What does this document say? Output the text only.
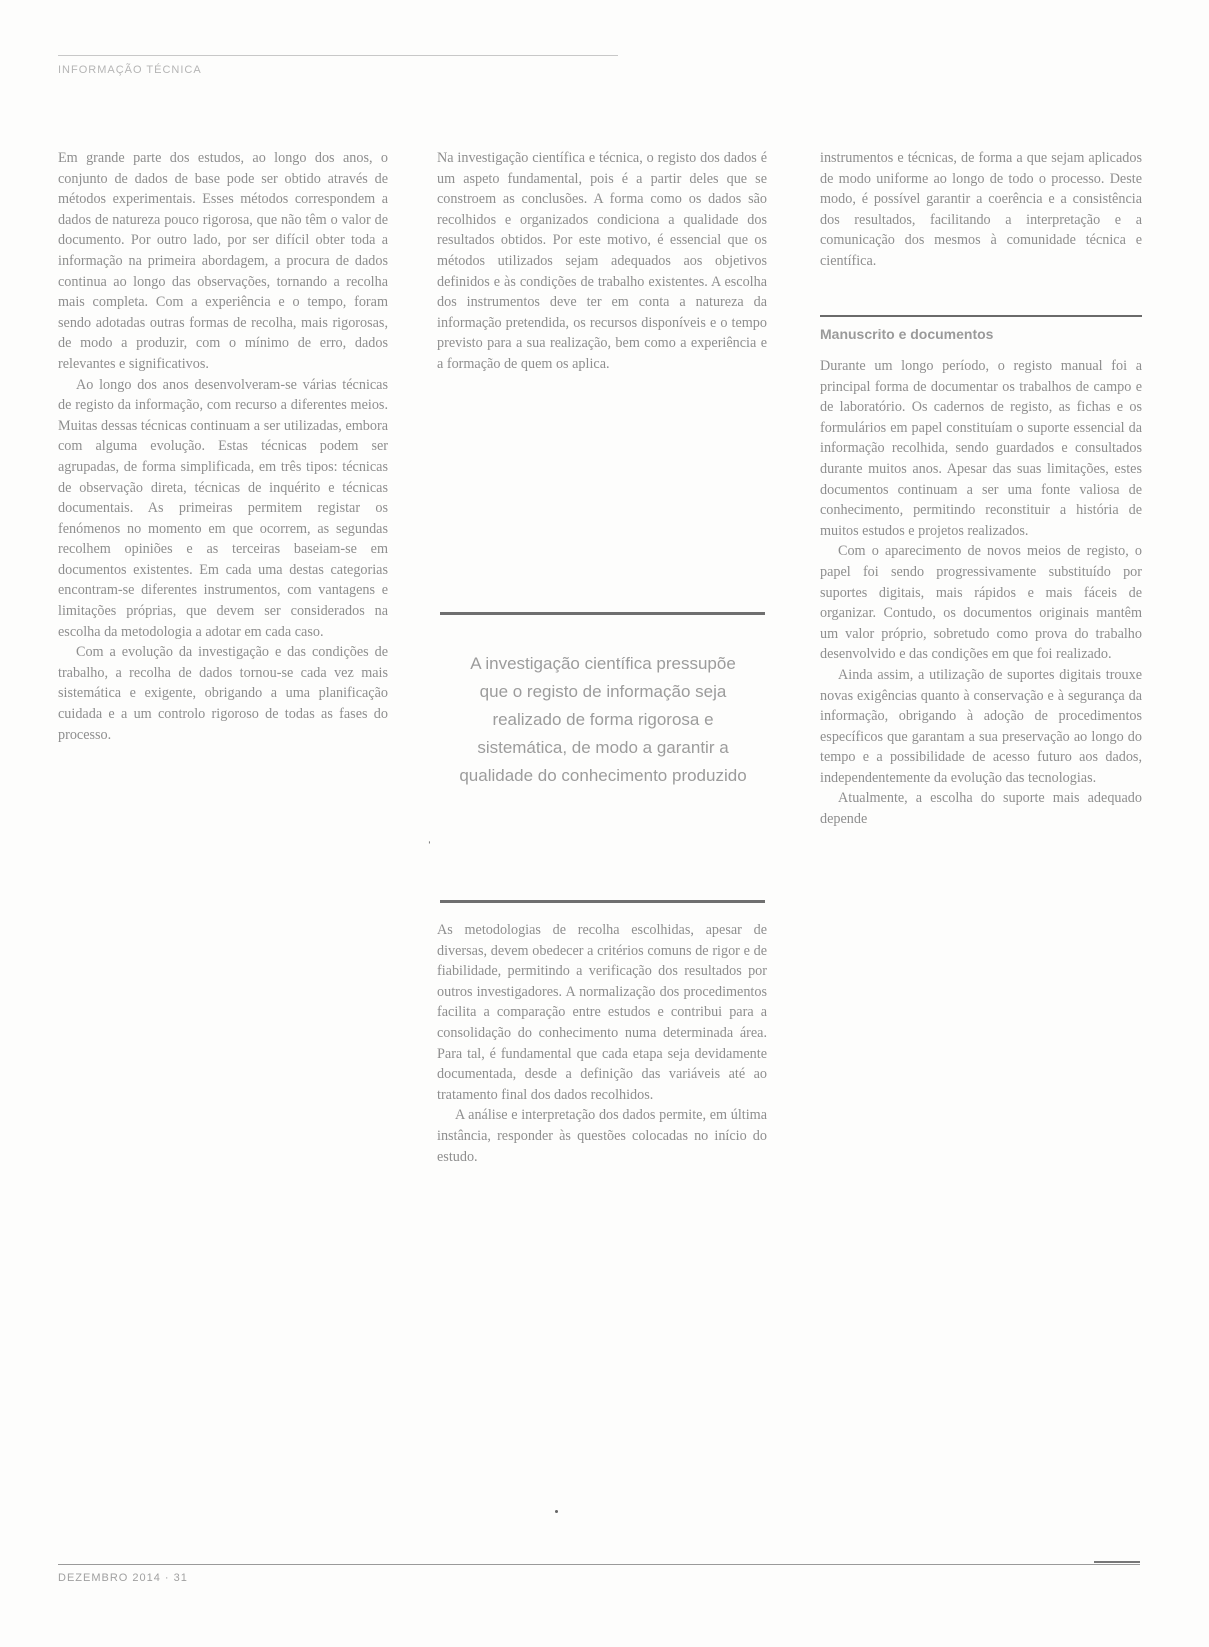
INFORMAÇÃO TÉCNICA

Em grande parte dos estudos, ao longo dos anos, o conjunto de dados de base pode ser obtido através de métodos experimentais. Esses métodos correspondem a dados de natureza pouco rigorosa, que não têm o valor de documento. Por outro lado, por ser difícil obter toda a informação na primeira abordagem, a procura de dados continua ao longo das observações, tornando a recolha mais completa. Com a experiência e o tempo, foram sendo adotadas outras formas de recolha, mais rigorosas, de modo a produzir, com o mínimo de erro, dados relevantes e significativos.

Ao longo dos anos desenvolveram-se várias técnicas de registo da informação, com recurso a diferentes meios. Muitas dessas técnicas continuam a ser utilizadas, embora com alguma evolução. Estas técnicas podem ser agrupadas, de forma simplificada, em três tipos: técnicas de observação direta, técnicas de inquérito e técnicas documentais. As primeiras permitem registar os fenómenos no momento em que ocorrem, as segundas recolhem opiniões e as terceiras baseiam-se em documentos existentes. Em cada uma destas categorias encontram-se diferentes instrumentos, com vantagens e limitações próprias, que devem ser considerados na escolha da metodologia a adotar em cada caso.

Com a evolução da investigação e das condições de trabalho, a recolha de dados tornou-se cada vez mais sistemática e exigente, obrigando a uma planificação cuidada e a um controlo rigoroso de todas as fases do processo.

Na investigação científica e técnica, o registo dos dados é um aspeto fundamental, pois é a partir deles que se constroem as conclusões. A forma como os dados são recolhidos e organizados condiciona a qualidade dos resultados obtidos. Por este motivo, é essencial que os métodos utilizados sejam adequados aos objetivos definidos e às condições de trabalho existentes. A escolha dos instrumentos deve ter em conta a natureza da informação pretendida, os recursos disponíveis e o tempo previsto para a sua realização, bem como a experiência e a formação de quem os aplica.

A investigação científica pressupõe que o registo de informação seja realizado de forma rigorosa e sistemática, de modo a garantir a qualidade do conhecimento produzido
ˈ

As metodologias de recolha escolhidas, apesar de diversas, devem obedecer a critérios comuns de rigor e de fiabilidade, permitindo a verificação dos resultados por outros investigadores. A normalização dos procedimentos facilita a comparação entre estudos e contribui para a consolidação do conhecimento numa determinada área. Para tal, é fundamental que cada etapa seja devidamente documentada, desde a definição das variáveis até ao tratamento final dos dados recolhidos.

A análise e interpretação dos dados permite, em última instância, responder às questões colocadas no início do estudo.

instrumentos e técnicas, de forma a que sejam aplicados de modo uniforme ao longo de todo o processo. Deste modo, é possível garantir a coerência e a consistência dos resultados, facilitando a interpretação e a comunicação dos mesmos à comunidade técnica e científica.

Manuscrito e documentos

Durante um longo período, o registo manual foi a principal forma de documentar os trabalhos de campo e de laboratório. Os cadernos de registo, as fichas e os formulários em papel constituíam o suporte essencial da informação recolhida, sendo guardados e consultados durante muitos anos. Apesar das suas limitações, estes documentos continuam a ser uma fonte valiosa de conhecimento, permitindo reconstituir a história de muitos estudos e projetos realizados.

Com o aparecimento de novos meios de registo, o papel foi sendo progressivamente substituído por suportes digitais, mais rápidos e mais fáceis de organizar. Contudo, os documentos originais mantêm um valor próprio, sobretudo como prova do trabalho desenvolvido e das condições em que foi realizado.

Ainda assim, a utilização de suportes digitais trouxe novas exigências quanto à conservação e à segurança da informação, obrigando à adoção de procedimentos específicos que garantam a sua preservação ao longo do tempo e a possibilidade de acesso futuro aos dados, independentemente da evolução das tecnologias.

Atualmente, a escolha do suporte mais adequado depende

DEZEMBRO 2014 · 31
